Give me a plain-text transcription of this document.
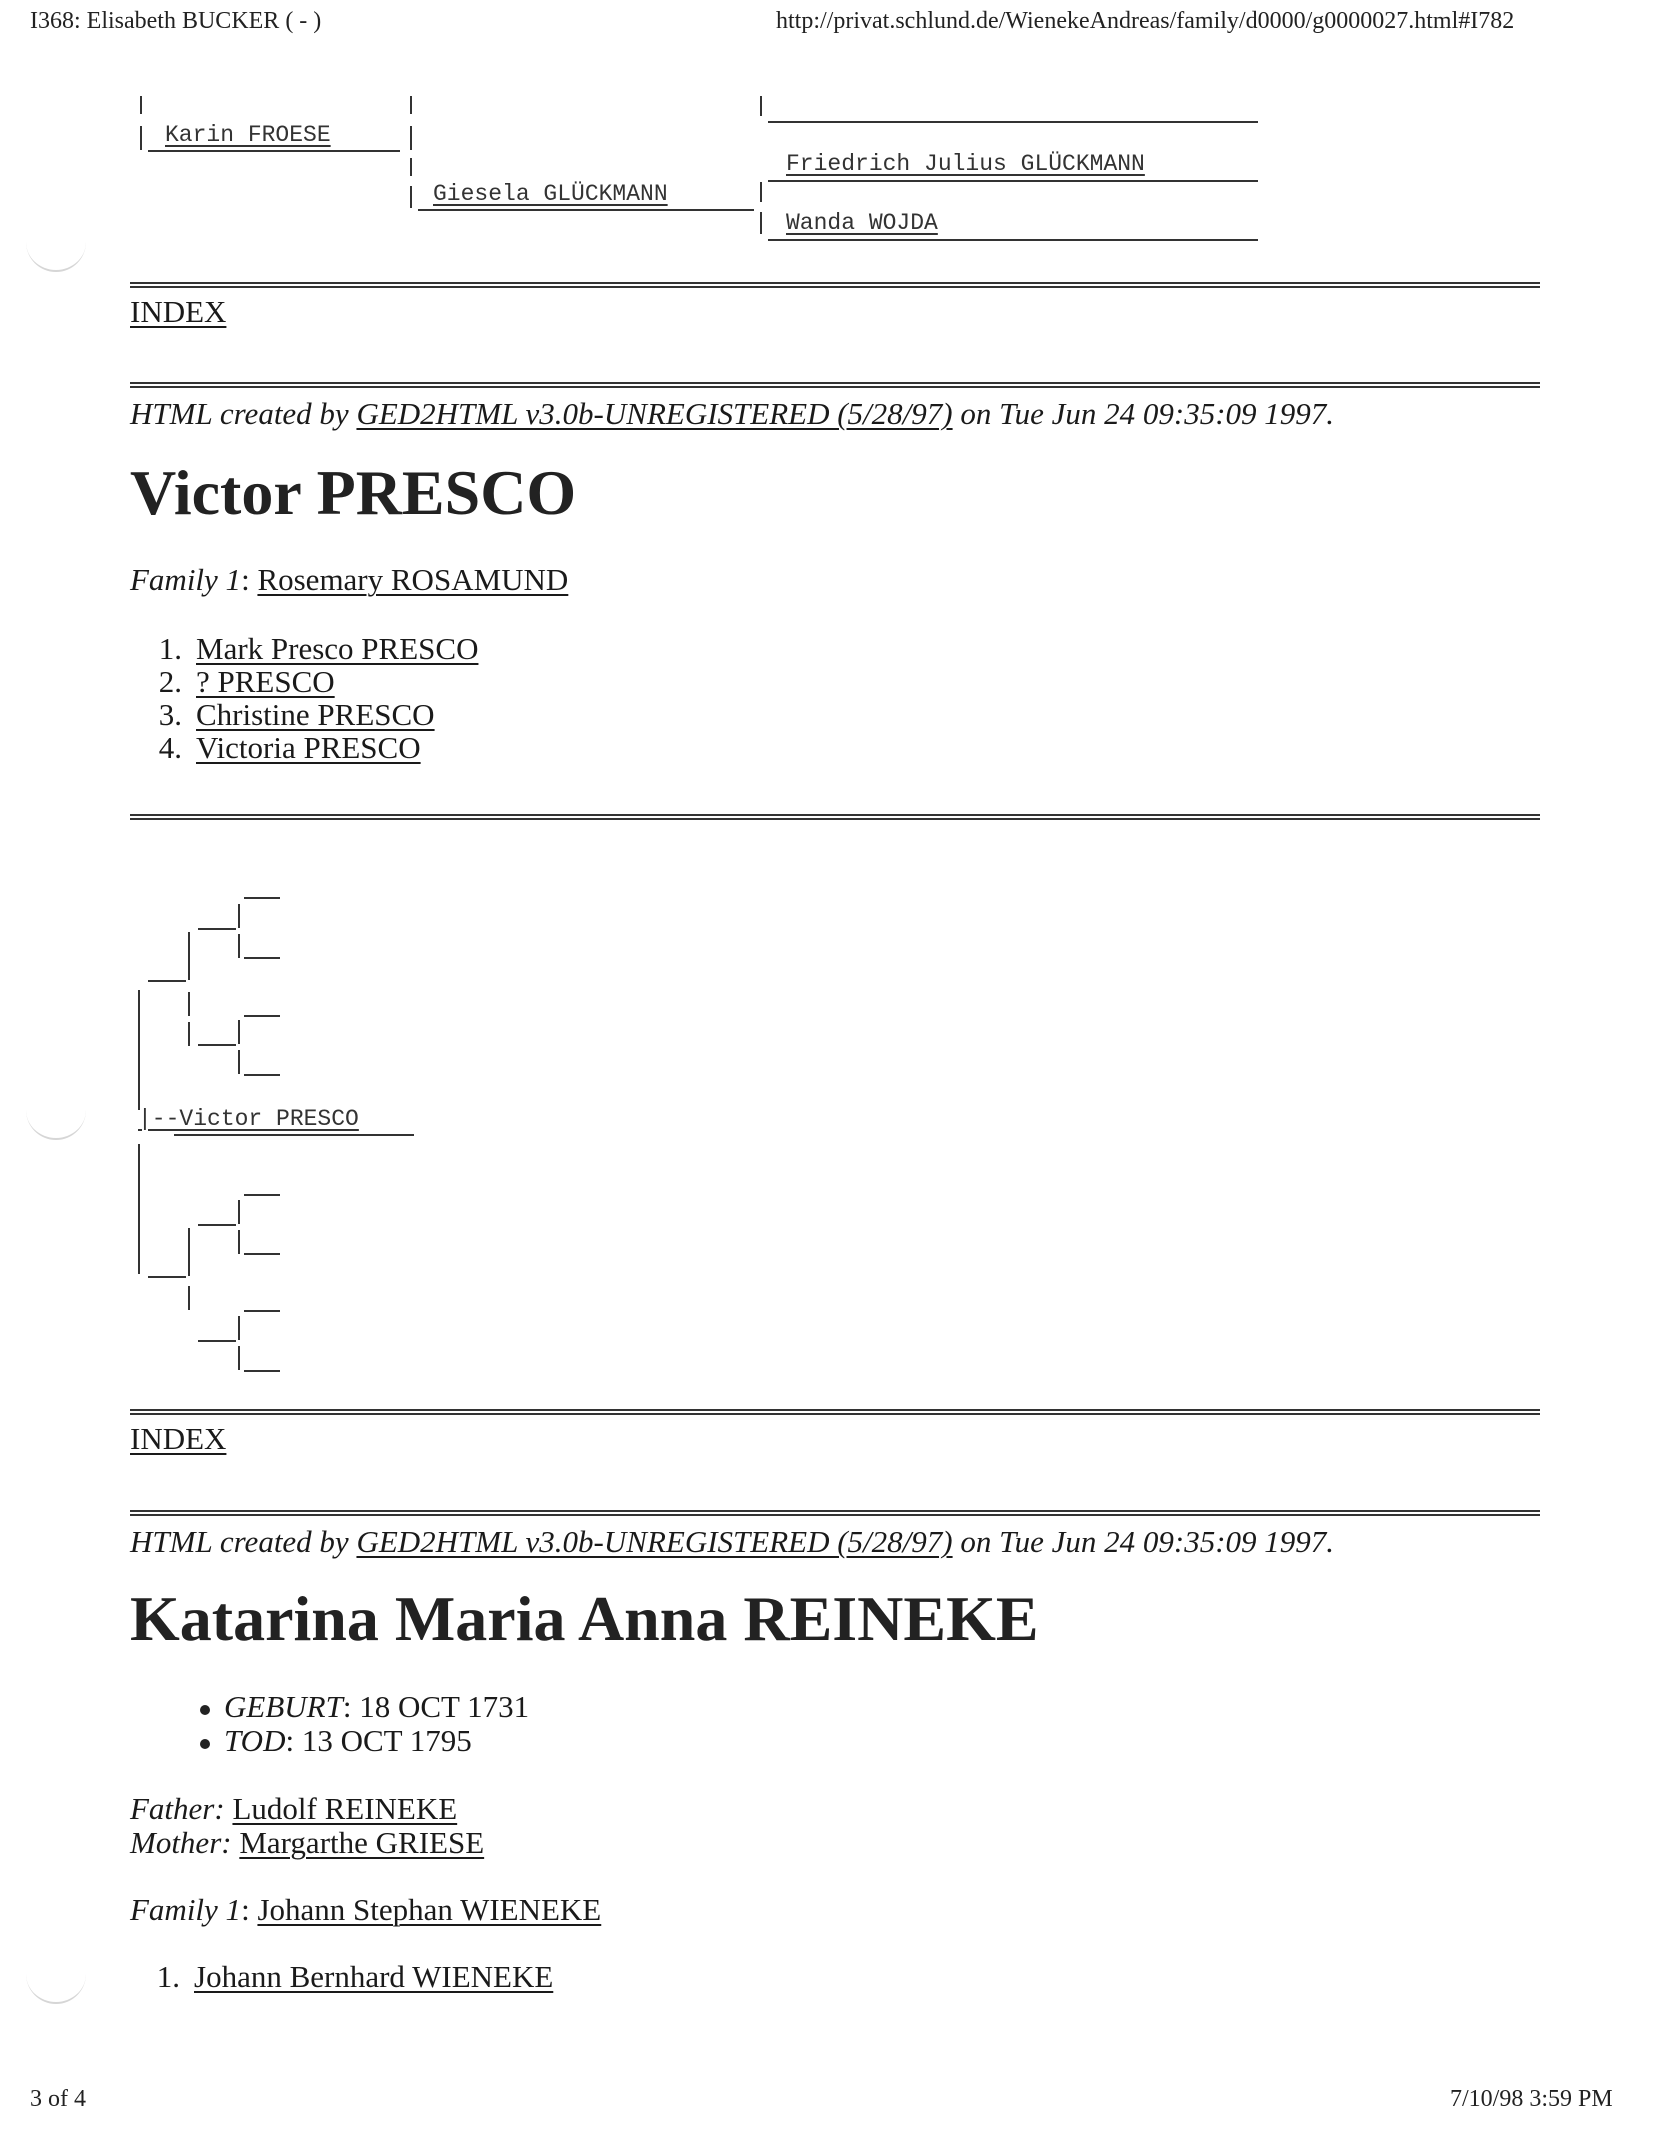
I368: Elisabeth BUCKER ( - )	http://privat.schlund.de/WienekeAndreas/family/d0000/g0000027.html#I782
Karin FROESE
Giesela GLÜCKMANN
Friedrich Julius GLÜCKMANN
Wanda WOJDA
INDEX
HTML created by GED2HTML v3.0b-UNREGISTERED (5/28/97) on Tue Jun 24 09:35:09 1997.
Victor PRESCO
Family 1: Rosemary ROSAMUND
1. Mark Presco PRESCO
2. ? PRESCO
3. Christine PRESCO
4. Victoria PRESCO
|--Victor PRESCO
INDEX
HTML created by GED2HTML v3.0b-UNREGISTERED (5/28/97) on Tue Jun 24 09:35:09 1997.
Katarina Maria Anna REINEKE
GEBURT: 18 OCT 1731
TOD: 13 OCT 1795
Father: Ludolf REINEKE
Mother: Margarthe GRIESE
Family 1: Johann Stephan WIENEKE
1. Johann Bernhard WIENEKE
3 of 4	7/10/98 3:59 PM
